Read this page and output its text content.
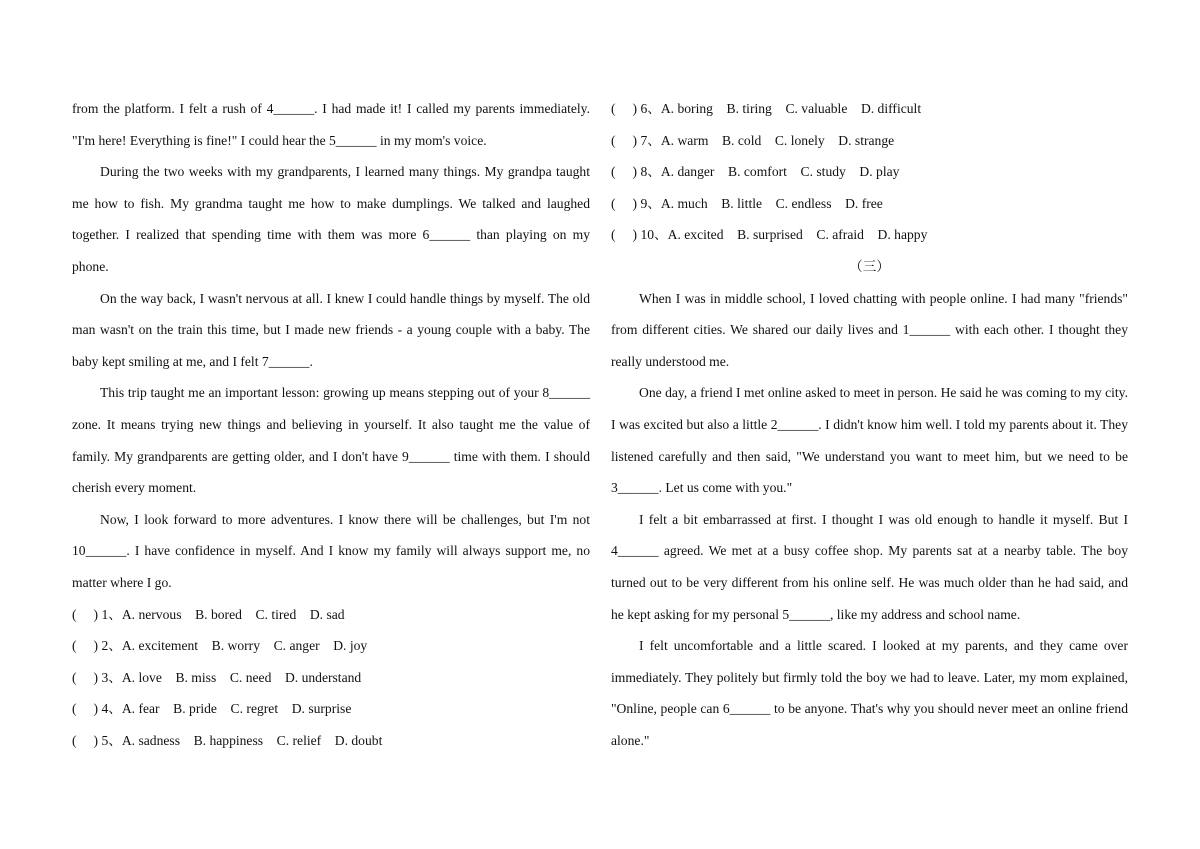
from the platform. I felt a rush of 4______. I had made it! I called my parents immediately. "I'm here! Everything is fine!" I could hear the 5______ in my mom's voice.

During the two weeks with my grandparents, I learned many things. My grandpa taught me how to fish. My grandma taught me how to make dumplings. We talked and laughed together. I realized that spending time with them was more 6______ than playing on my phone.

On the way back, I wasn't nervous at all. I knew I could handle things by myself. The old man wasn't on the train this time, but I made new friends - a young couple with a baby. The baby kept smiling at me, and I felt 7______.

This trip taught me an important lesson: growing up means stepping out of your 8______ zone. It means trying new things and believing in yourself. It also taught me the value of family. My grandparents are getting older, and I don't have 9______ time with them. I should cherish every moment.

Now, I look forward to more adventures. I know there will be challenges, but I'm not 10______. I have confidence in myself. And I know my family will always support me, no matter where I go.

(     ) 1、A. nervous    B. bored    C. tired    D. sad

(     ) 2、A. excitement    B. worry    C. anger    D. joy

(     ) 3、A. love    B. miss    C. need    D. understand

(     ) 4、A. fear    B. pride    C. regret    D. surprise

(     ) 5、A. sadness    B. happiness    C. relief    D. doubt

(     ) 6、A. boring    B. tiring    C. valuable    D. difficult

(     ) 7、A. warm    B. cold    C. lonely    D. strange

(     ) 8、A. danger    B. comfort    C. study    D. play

(     ) 9、A. much    B. little    C. endless    D. free

(     ) 10、A. excited    B. surprised    C. afraid    D. happy

（三）

When I was in middle school, I loved chatting with people online. I had many "friends" from different cities. We shared our daily lives and 1______ with each other. I thought they really understood me.

One day, a friend I met online asked to meet in person. He said he was coming to my city. I was excited but also a little 2______. I didn't know him well. I told my parents about it. They listened carefully and then said, "We understand you want to meet him, but we need to be 3______. Let us come with you."

I felt a bit embarrassed at first. I thought I was old enough to handle it myself. But I 4______ agreed. We met at a busy coffee shop. My parents sat at a nearby table. The boy turned out to be very different from his online self. He was much older than he had said, and he kept asking for my personal 5______, like my address and school name.

I felt uncomfortable and a little scared. I looked at my parents, and they came over immediately. They politely but firmly told the boy we had to leave. Later, my mom explained, "Online, people can 6______ to be anyone. That's why you should never meet an online friend alone."
